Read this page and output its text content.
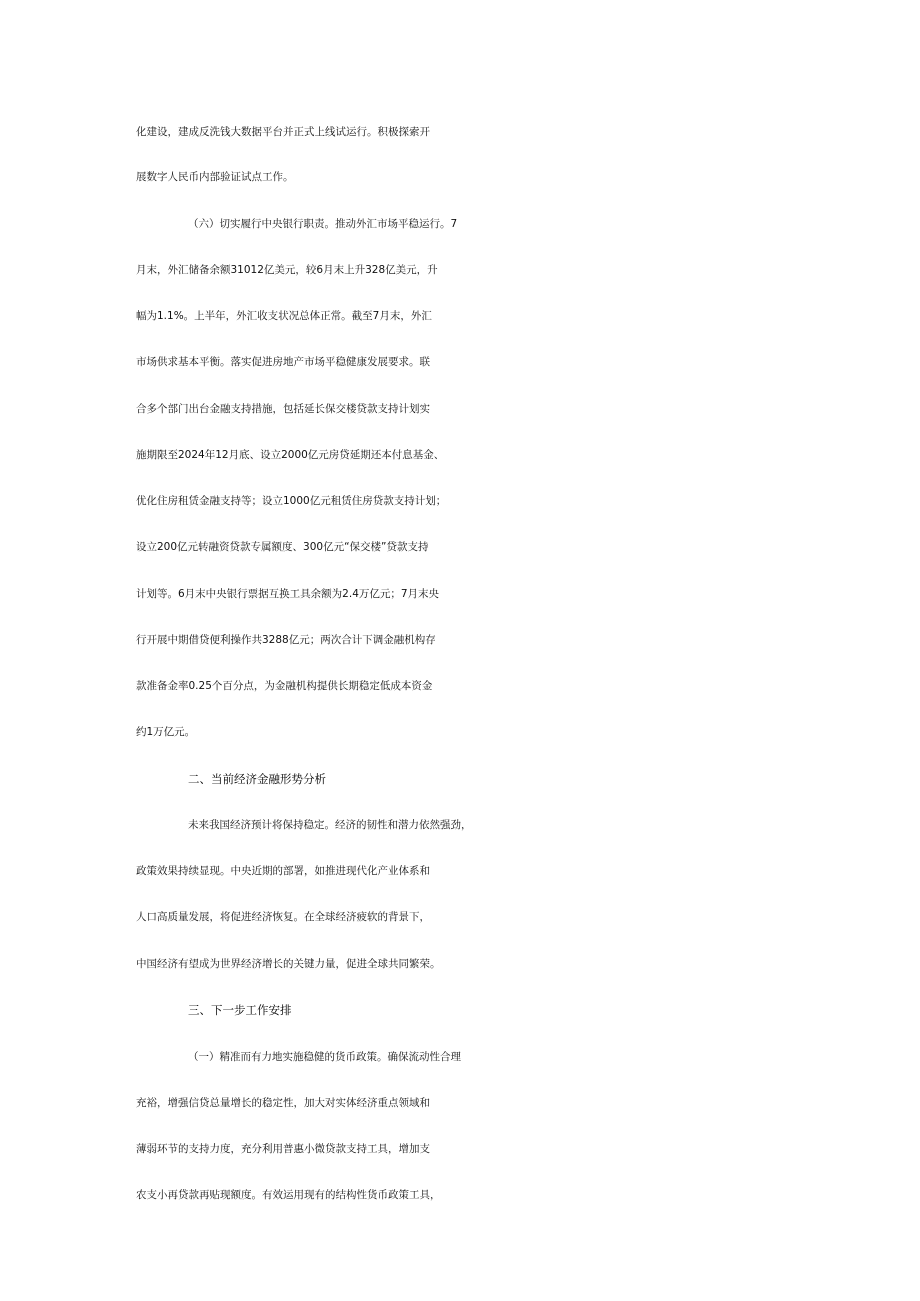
化建设，建成反洗钱大数据平台并正式上线试运行。积极探索开
展数字人民币内部验证试点工作。
（六）切实履行中央银行职责。推动外汇市场平稳运行。7
月末，外汇储备余额31012亿美元，较6月末上升328亿美元，升
幅为1.1%。上半年，外汇收支状况总体正常。截至7月末，外汇
市场供求基本平衡。落实促进房地产市场平稳健康发展要求。联
合多个部门出台金融支持措施，包括延长保交楼贷款支持计划实
施期限至2024年12月底、设立2000亿元房贷延期还本付息基金、
优化住房租赁金融支持等；设立1000亿元租赁住房贷款支持计划；
设立200亿元转融资贷款专属额度、300亿元“保交楼”贷款支持
计划等。6月末中央银行票据互换工具余额为2.4万亿元；7月末央
行开展中期借贷便利操作共3288亿元；两次合计下调金融机构存
款准备金率0.25个百分点，为金融机构提供长期稳定低成本资金
约1万亿元。
二、当前经济金融形势分析
未来我国经济预计将保持稳定。经济的韧性和潜力依然强劲，
政策效果持续显现。中央近期的部署，如推进现代化产业体系和
人口高质量发展，将促进经济恢复。在全球经济疲软的背景下，
中国经济有望成为世界经济增长的关键力量，促进全球共同繁荣。
三、下一步工作安排
（一）精准而有力地实施稳健的货币政策。确保流动性合理
充裕，增强信贷总量增长的稳定性，加大对实体经济重点领域和
薄弱环节的支持力度，充分利用普惠小微贷款支持工具，增加支
农支小再贷款再贴现额度。有效运用现有的结构性货币政策工具，
